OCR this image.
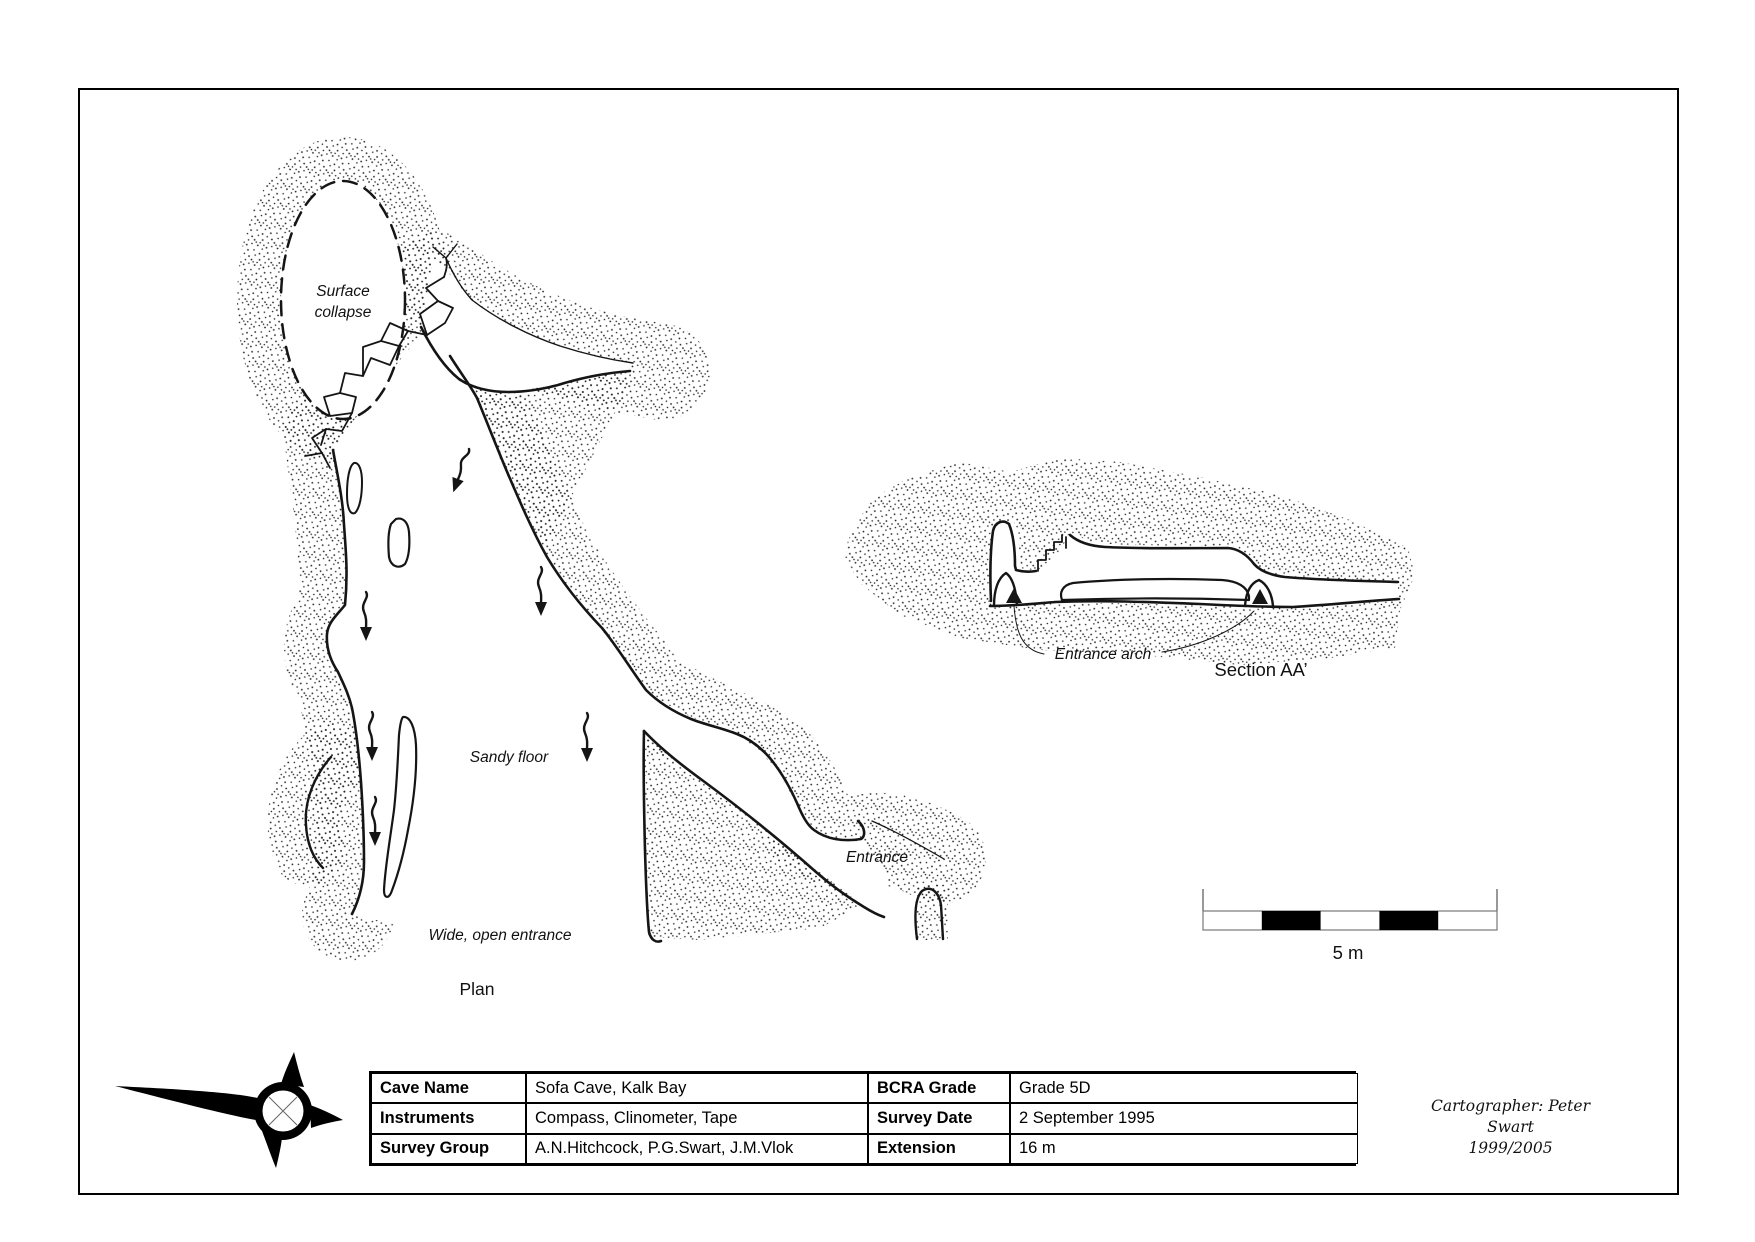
Surface
collapse
Sandy floor
Entrance
Wide, open entrance
Plan
Entrance arch
Section AA’
5 m
Cave Name	Sofa Cave, Kalk Bay	BCRA Grade	Grade 5D
Instruments	Compass, Clinometer, Tape	Survey Date	2 September 1995
Survey Group	A.N.Hitchcock, P.G.Swart, J.M.Vlok	Extension	16 m
Cartographer: Peter Swart
1999/2005
